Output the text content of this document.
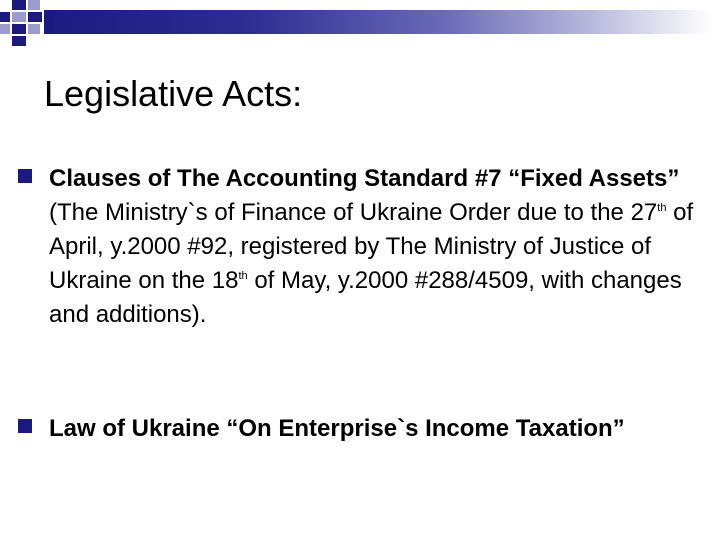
Legislative Acts:
Clauses of The Accounting Standard #7 “Fixed Assets” (The Ministry`s of Finance of Ukraine Order due to the 27th of April, y.2000 #92, registered by The Ministry of Justice of Ukraine on the 18th of May, y.2000 #288/4509, with changes and additions).
Law of Ukraine “On Enterprise`s Income Taxation”
